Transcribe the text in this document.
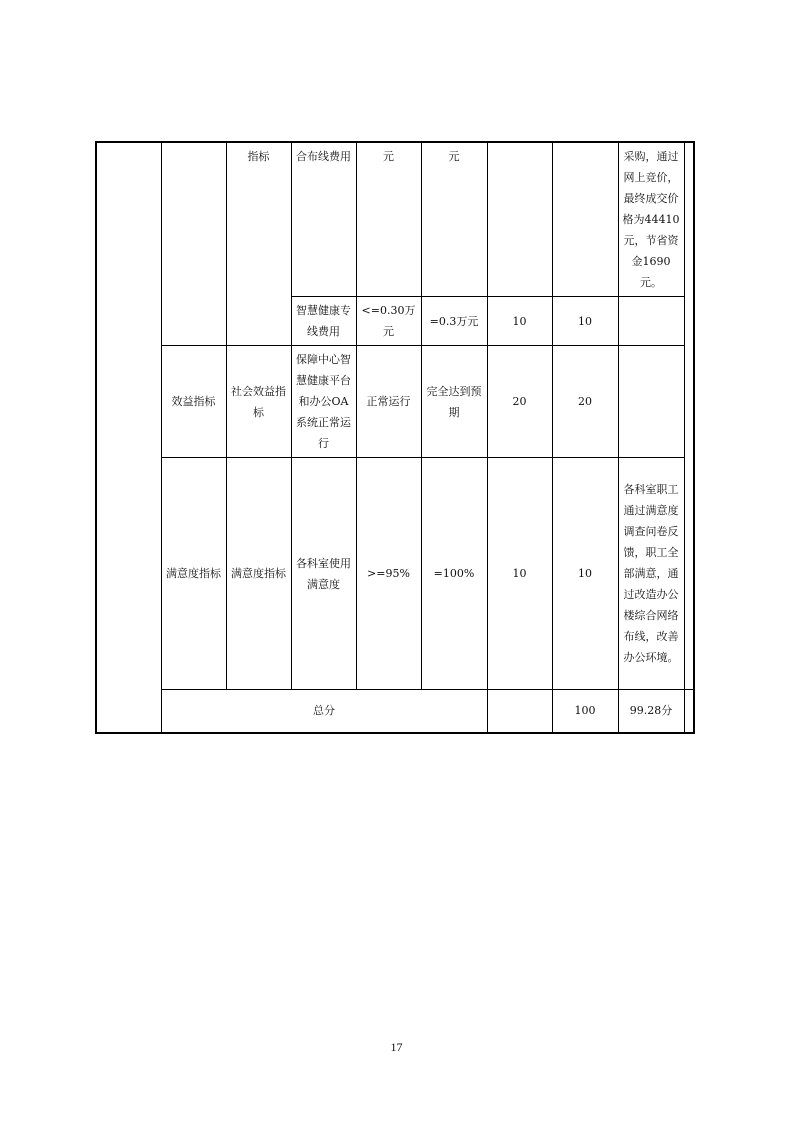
		指标	合布线费用	元	元			采购，通过网上竞价，最终成交价格为44410元，节省资金1690元。	
			智慧健康专线费用	<=0.30万元	=0.3万元	10	10		
	效益指标	社会效益指标	保障中心智慧健康平台和办公OA系统正常运行	正常运行	完全达到预期	20	20		
	满意度指标	满意度指标	各科室使用满意度	>=95%	=100%	10	10	各科室职工通过满意度调查问卷反馈，职工全部满意，通过改造办公楼综合网络布线，改善办公环境。	
	总分						100	99.28分	
17
